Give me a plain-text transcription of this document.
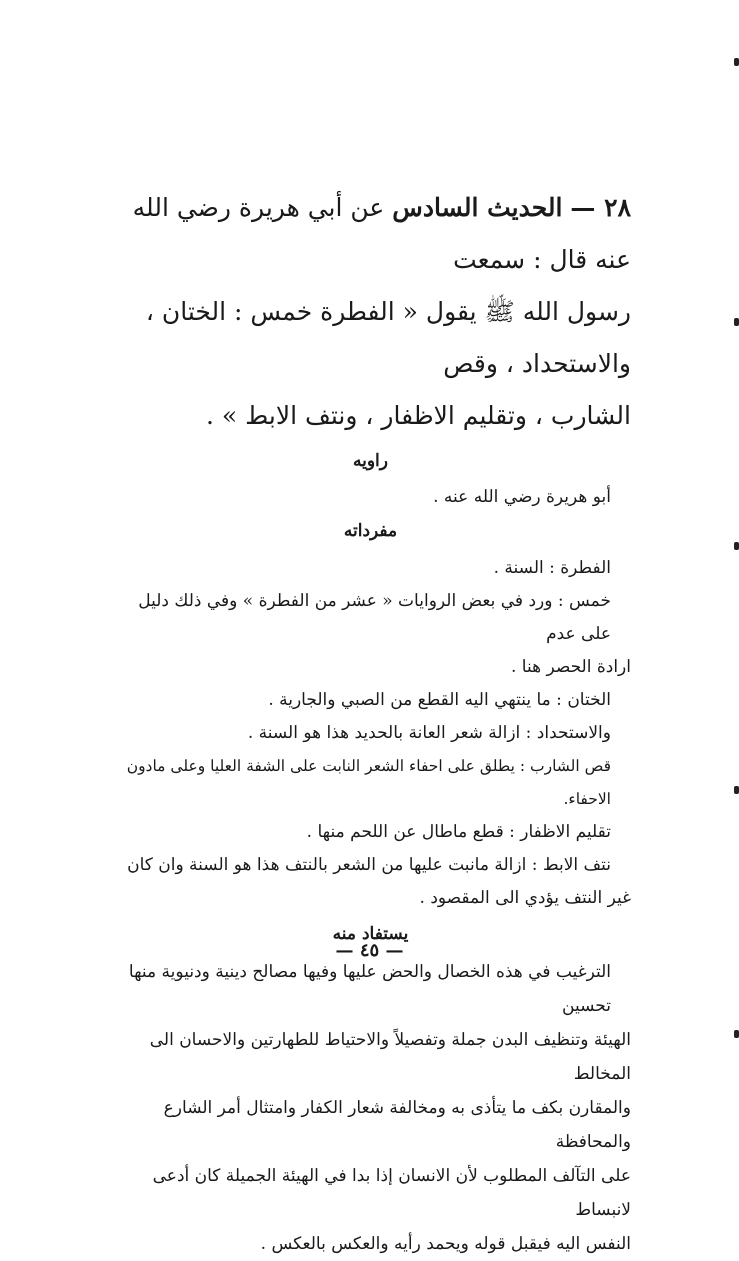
٢٨ — الحديث السادس عن أبي هريرة رضي الله عنه قال : سمعت
رسول الله ﷺ يقول « الفطرة خمس : الختان ، والاستحداد ، وقص
الشارب ، وتقليم الاظفار ، ونتف الابط » .
راويه
أبو هريرة رضي الله عنه .
مفرداته
الفطرة : السنة .
خمس : ورد في بعض الروايات « عشر من الفطرة » وفي ذلك دليل على عدم
ارادة الحصر هنا .
الختان : ما ينتهي اليه القطع من الصبي والجارية .
والاستحداد : ازالة شعر العانة بالحديد هذا هو السنة .
قص الشارب : يطلق على احفاء الشعر النابت على الشفة العليا وعلى مادون الاحفاء.
تقليم الاظفار : قطع ماطال عن اللحم منها .
نتف الابط : ازالة مانبت عليها من الشعر بالنتف هذا هو السنة وان كان
غير النتف يؤدي الى المقصود .
يستفاد منه
الترغيب في هذه الخصال والحض عليها وفيها مصالح دينية ودنيوية منها تحسين
الهيئة وتنظيف البدن جملة وتفصيلاً والاحتياط للطهارتين والاحسان الى المخالط
والمقارن بكف ما يتأذى به ومخالفة شعار الكفار وامتثال أمر الشارع والمحافظة
على التآلف المطلوب لأن الانسان إذا بدا في الهيئة الجميلة كان أدعى لانبساط
النفس اليه فيقبل قوله ويحمد رأيه والعكس بالعكس .
— ٤٥ —
